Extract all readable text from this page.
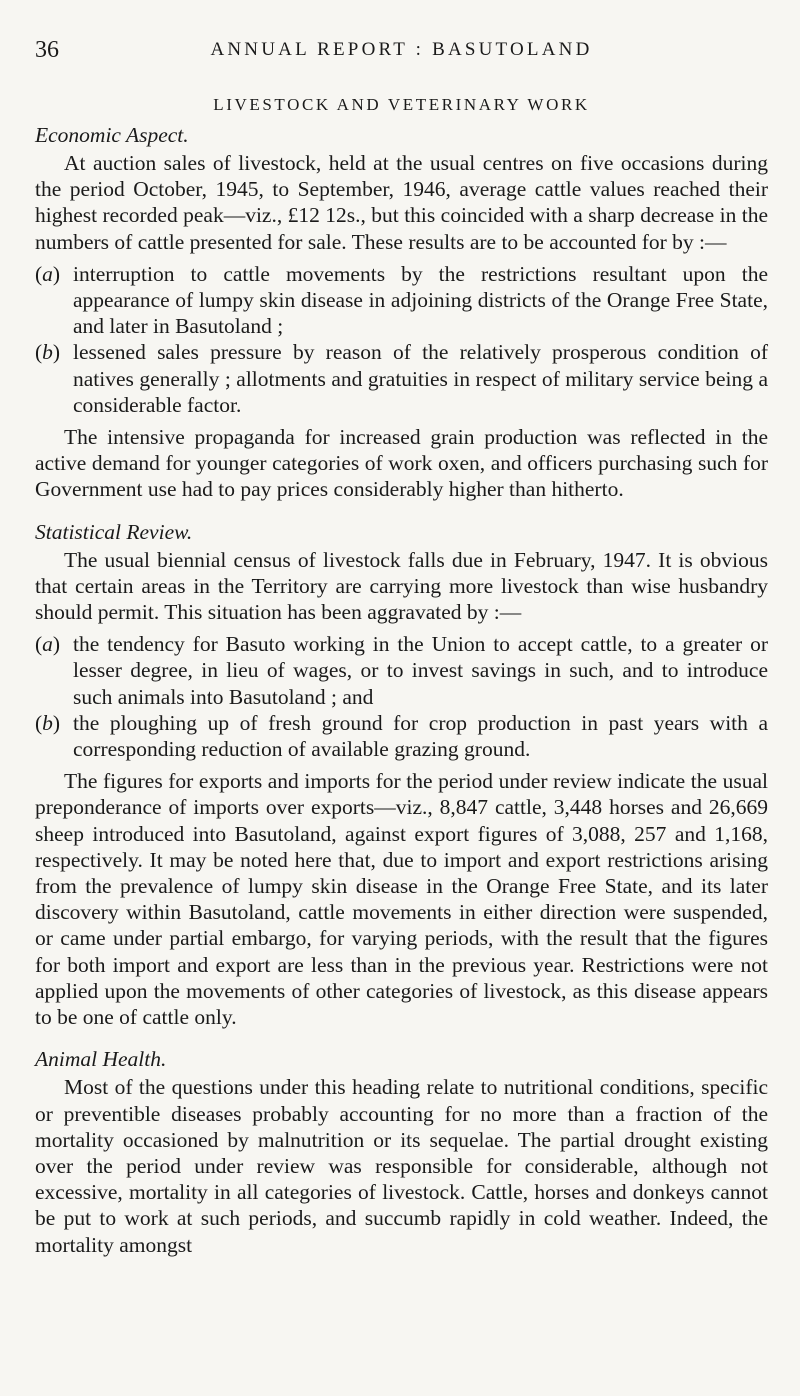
36	ANNUAL REPORT : BASUTOLAND
LIVESTOCK AND VETERINARY WORK
Economic Aspect.

At auction sales of livestock, held at the usual centres on five occasions during the period October, 1945, to September, 1946, average cattle values reached their highest recorded peak—viz., £12 12s., but this coincided with a sharp decrease in the numbers of cattle presented for sale. These results are to be accounted for by :—

(a) interruption to cattle movements by the restrictions resultant upon the appearance of lumpy skin disease in adjoining districts of the Orange Free State, and later in Basutoland ;
(b) lessened sales pressure by reason of the relatively prosperous condition of natives generally ; allotments and gratuities in respect of military service being a considerable factor.

The intensive propaganda for increased grain production was reflected in the active demand for younger categories of work oxen, and officers purchasing such for Government use had to pay prices considerably higher than hitherto.

Statistical Review.

The usual biennial census of livestock falls due in February, 1947. It is obvious that certain areas in the Territory are carrying more livestock than wise husbandry should permit. This situation has been aggravated by :—

(a) the tendency for Basuto working in the Union to accept cattle, to a greater or lesser degree, in lieu of wages, or to invest savings in such, and to introduce such animals into Basutoland ; and
(b) the ploughing up of fresh ground for crop production in past years with a corresponding reduction of available grazing ground.

The figures for exports and imports for the period under review indicate the usual preponderance of imports over exports—viz., 8,847 cattle, 3,448 horses and 26,669 sheep introduced into Basutoland, against export figures of 3,088, 257 and 1,168, respectively. It may be noted here that, due to import and export restrictions arising from the prevalence of lumpy skin disease in the Orange Free State, and its later discovery within Basutoland, cattle movements in either direction were suspended, or came under partial embargo, for varying periods, with the result that the figures for both import and export are less than in the previous year. Restrictions were not applied upon the movements of other categories of livestock, as this disease appears to be one of cattle only.

Animal Health.

Most of the questions under this heading relate to nutritional conditions, specific or preventible diseases probably accounting for no more than a fraction of the mortality occasioned by malnutrition or its sequelae. The partial drought existing over the period under review was responsible for considerable, although not excessive, mortality in all categories of livestock. Cattle, horses and donkeys cannot be put to work at such periods, and succumb rapidly in cold weather. Indeed, the mortality amongst
